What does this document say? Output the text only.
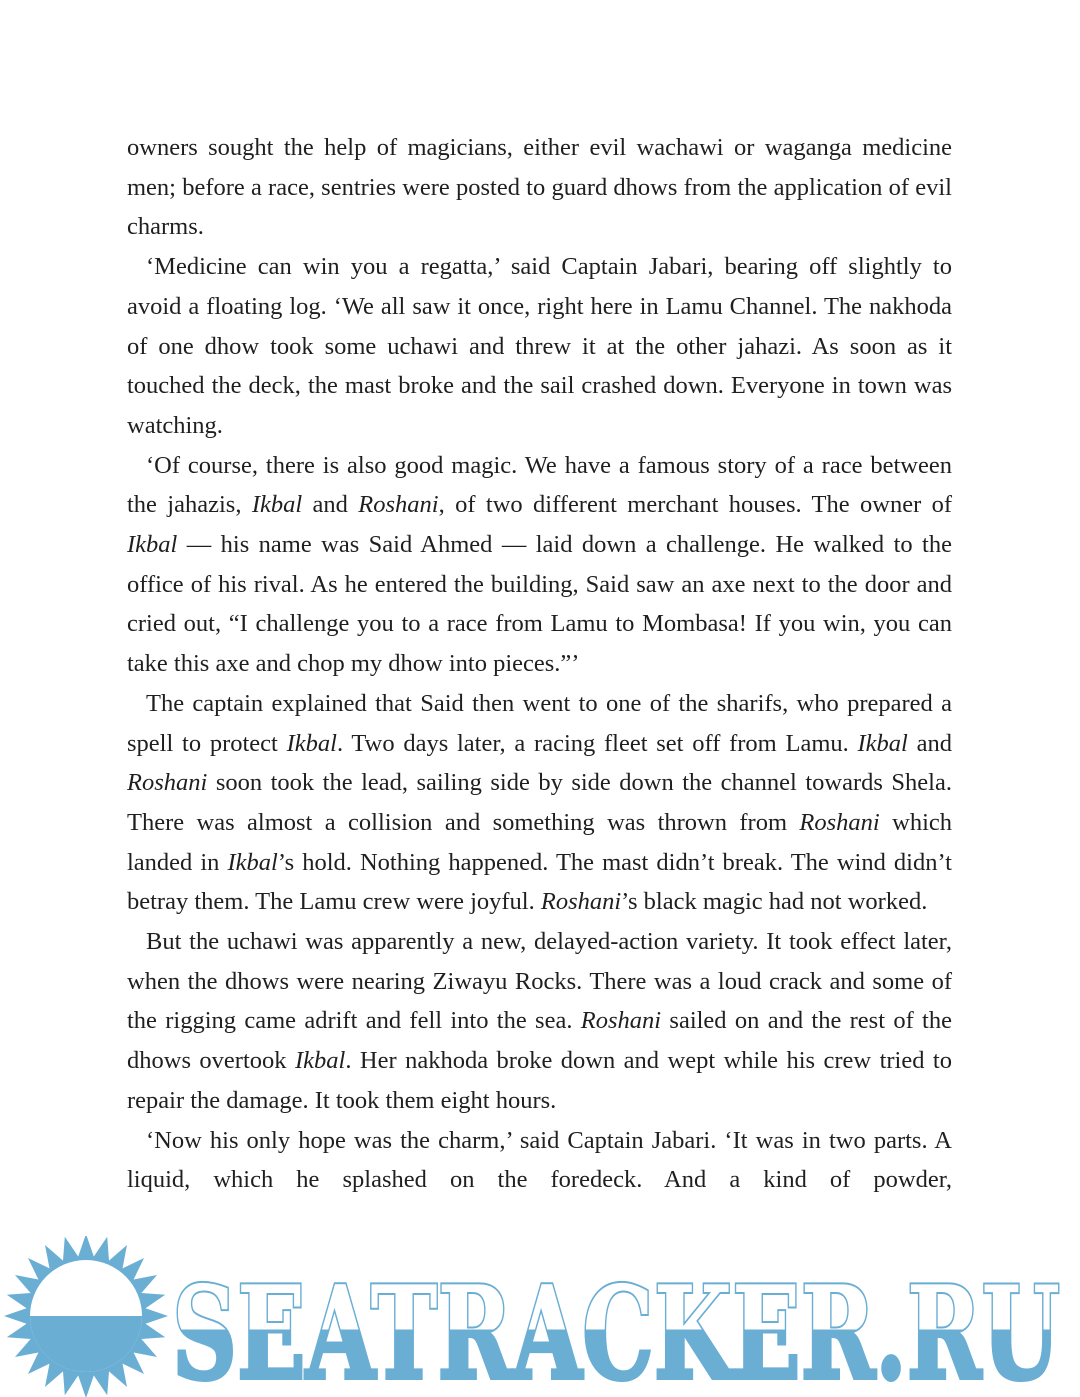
owners sought the help of magicians, either evil wachawi or waganga medicine men; before a race, sentries were posted to guard dhows from the application of evil charms.

‘Medicine can win you a regatta,’ said Captain Jabari, bearing off slightly to avoid a floating log. ‘We all saw it once, right here in Lamu Channel. The nakhoda of one dhow took some uchawi and threw it at the other jahazi. As soon as it touched the deck, the mast broke and the sail crashed down. Everyone in town was watching.

‘Of course, there is also good magic. We have a famous story of a race between the jahazis, Ikbal and Roshani, of two different merchant houses. The owner of Ikbal — his name was Said Ahmed — laid down a challenge. He walked to the office of his rival. As he entered the building, Said saw an axe next to the door and cried out, “I challenge you to a race from Lamu to Mombasa! If you win, you can take this axe and chop my dhow into pieces.”’

The captain explained that Said then went to one of the sharifs, who prepared a spell to protect Ikbal. Two days later, a racing fleet set off from Lamu. Ikbal and Roshani soon took the lead, sailing side by side down the channel towards Shela. There was almost a collision and something was thrown from Roshani which landed in Ikbal’s hold. Nothing happened. The mast didn’t break. The wind didn’t betray them. The Lamu crew were joyful. Roshani’s black magic had not worked.

But the uchawi was apparently a new, delayed-action variety. It took effect later, when the dhows were nearing Ziwayu Rocks. There was a loud crack and some of the rigging came adrift and fell into the sea. Roshani sailed on and the rest of the dhows overtook Ikbal. Her nakhoda broke down and wept while his crew tried to repair the damage. It took them eight hours.

‘Now his only hope was the charm,’ said Captain Jabari. ‘It was in two parts. A liquid, which he splashed on the foredeck. And a kind of powder,

SEATRACKER.RU
